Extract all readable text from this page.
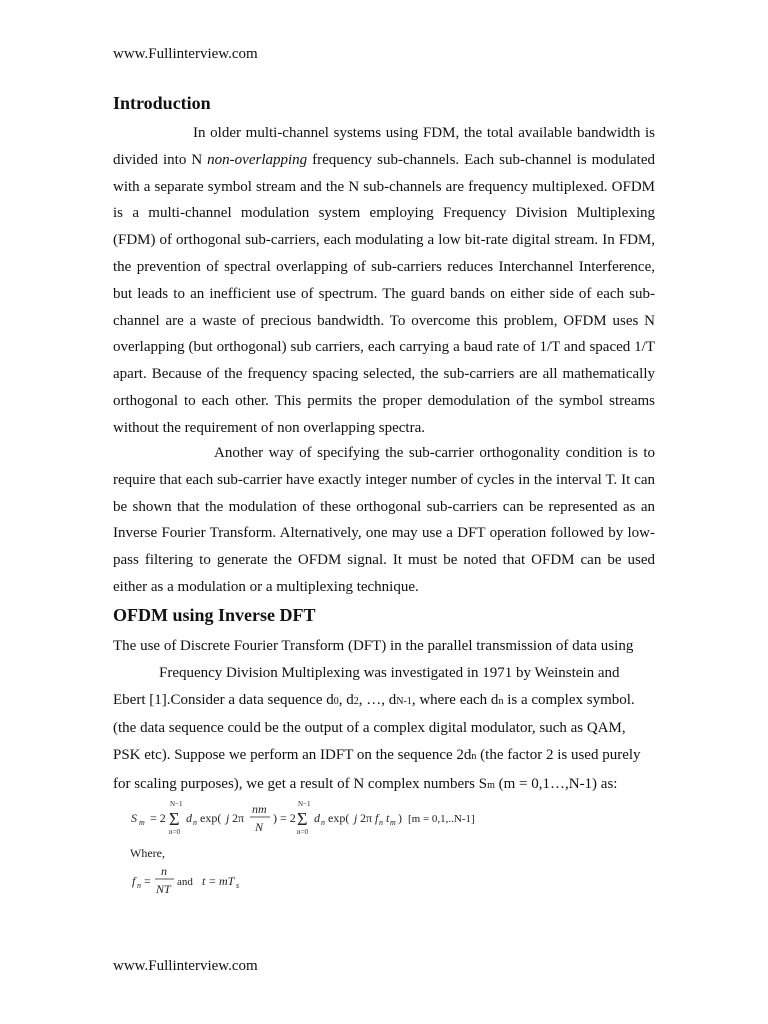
www.Fullinterview.com
Introduction

In older multi-channel systems using FDM, the total available bandwidth is divided into N non-overlapping frequency sub-channels. Each sub-channel is modulated with a separate symbol stream and the N sub-channels are frequency multiplexed. OFDM is a multi-channel modulation system employing Frequency Division Multiplexing (FDM) of orthogonal sub-carriers, each modulating a low bit-rate digital stream. In FDM, the prevention of spectral overlapping of sub-carriers reduces Interchannel Interference, but leads to an inefficient use of spectrum. The guard bands on either side of each sub-channel are a waste of precious bandwidth. To overcome this problem, OFDM uses N overlapping (but orthogonal) sub carriers, each carrying a baud rate of 1/T and spaced 1/T apart. Because of the frequency spacing selected, the sub-carriers are all mathematically orthogonal to each other. This permits the proper demodulation of the symbol streams without the requirement of non overlapping spectra.

Another way of specifying the sub-carrier orthogonality condition is to require that each sub-carrier have exactly integer number of cycles in the interval T. It can be shown that the modulation of these orthogonal sub-carriers can be represented as an Inverse Fourier Transform. Alternatively, one may use a DFT operation followed by low-pass filtering to generate the OFDM signal. It must be noted that OFDM can be used either as a modulation or a multiplexing technique.

OFDM using Inverse DFT
The use of Discrete Fourier Transform (DFT) in the parallel transmission of data using
Frequency Division Multiplexing was investigated in 1971 by Weinstein and
Ebert [1].Consider a data sequence d0, d2, …, dN-1, where each dn is a complex symbol.
(the data sequence could be the output of a complex digital modulator, such as QAM,
PSK etc). Suppose we perform an IDFT on the sequence 2dn (the factor 2 is used purely
for scaling purposes), we get a result of N complex numbers Sm (m = 0,1…,N-1) as:
S m = 2
N−1
Σ
n=0
d n exp( j 2π
nm
N
) = 2
N−1
Σ
n=0
d n exp( j 2π f n t m ) [m = 0,1,..N-1]
Where,
f n =
n
NT
t = mT s
and
www.Fullinterview.com
